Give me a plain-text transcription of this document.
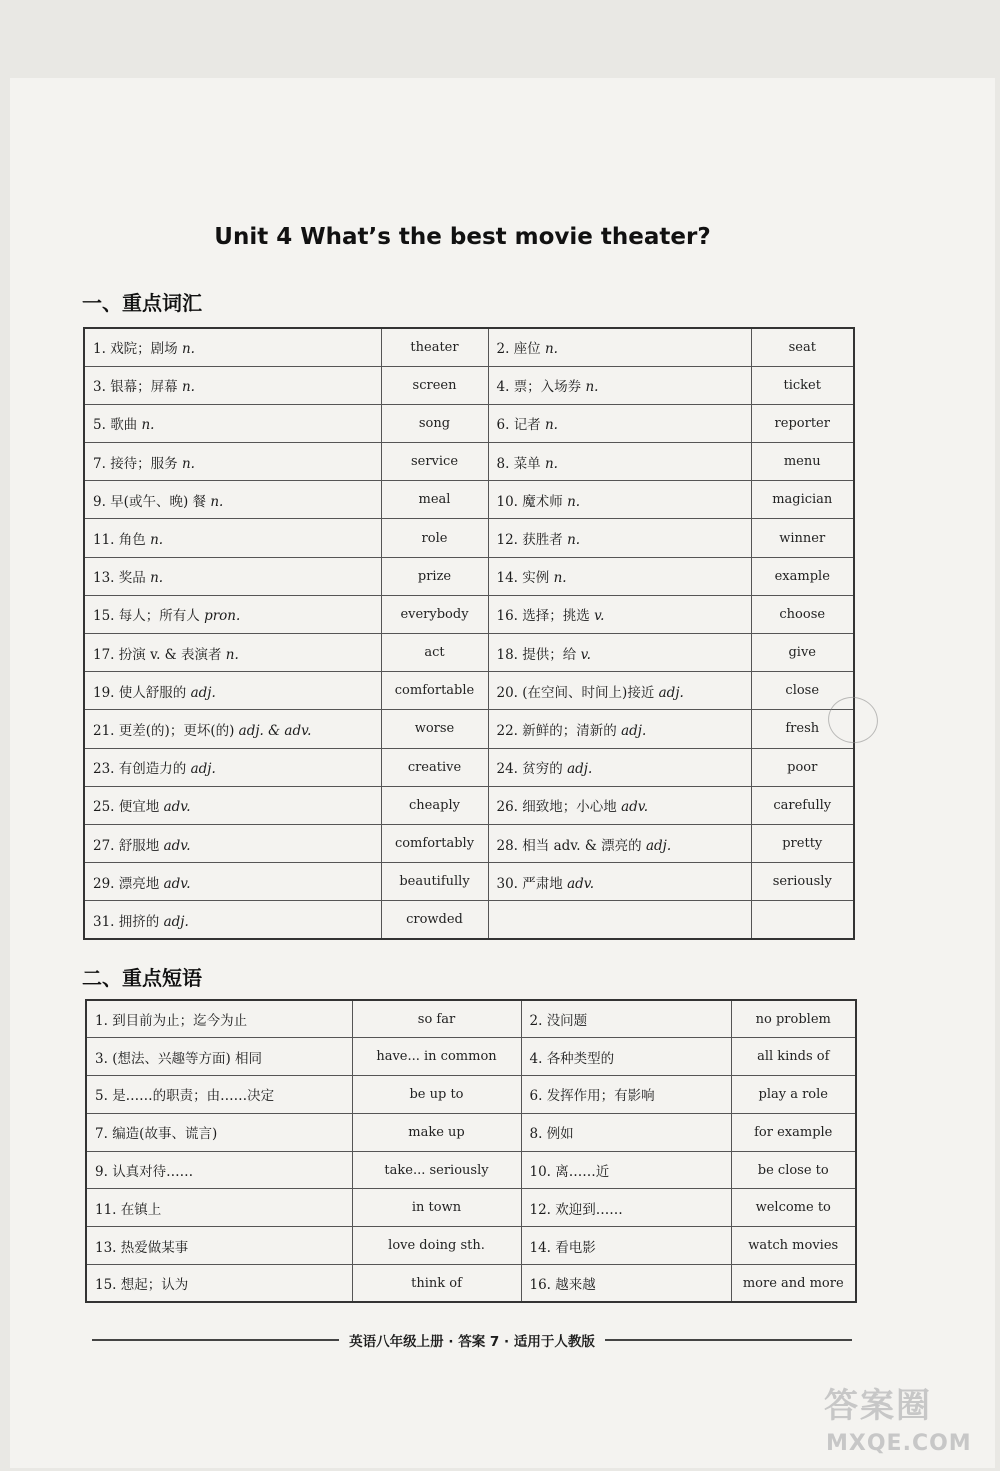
Unit 4 What’s the best movie theater?
一、重点词汇
1. 戏院；剧场 n.	theater	2. 座位 n.	seat
3. 银幕；屏幕 n.	screen	4. 票；入场券 n.	ticket
5. 歌曲 n.	song	6. 记者 n.	reporter
7. 接待；服务 n.	service	8. 菜单 n.	menu
9. 早(或午、晚) 餐 n.	meal	10. 魔术师 n.	magician
11. 角色 n.	role	12. 获胜者 n.	winner
13. 奖品 n.	prize	14. 实例 n.	example
15. 每人；所有人 pron.	everybody	16. 选择；挑选 v.	choose
17. 扮演 v. & 表演者 n.	act	18. 提供；给 v.	give
19. 使人舒服的 adj.	comfortable	20. (在空间、时间上)接近 adj.	close
21. 更差(的)；更坏(的) adj. & adv.	worse	22. 新鲜的；清新的 adj.	fresh
23. 有创造力的 adj.	creative	24. 贫穷的 adj.	poor
25. 便宜地 adv.	cheaply	26. 细致地；小心地 adv.	carefully
27. 舒服地 adv.	comfortably	28. 相当 adv. & 漂亮的 adj.	pretty
29. 漂亮地 adv.	beautifully	30. 严肃地 adv.	seriously
31. 拥挤的 adj.	crowded		
二、重点短语
1. 到目前为止；迄今为止	so far	2. 没问题	no problem
3. (想法、兴趣等方面) 相同	have... in common	4. 各种类型的	all kinds of
5. 是……的职责；由……决定	be up to	6. 发挥作用；有影响	play a role
7. 编造(故事、谎言)	make up	8. 例如	for example
9. 认真对待……	take... seriously	10. 离……近	be close to
11. 在镇上	in town	12. 欢迎到……	welcome to
13. 热爱做某事	love doing sth.	14. 看电影	watch movies
15. 想起；认为	think of	16. 越来越	more and more
英语八年级上册 · 答案 7 · 适用于人教版
答案圈
MXQE.COM
